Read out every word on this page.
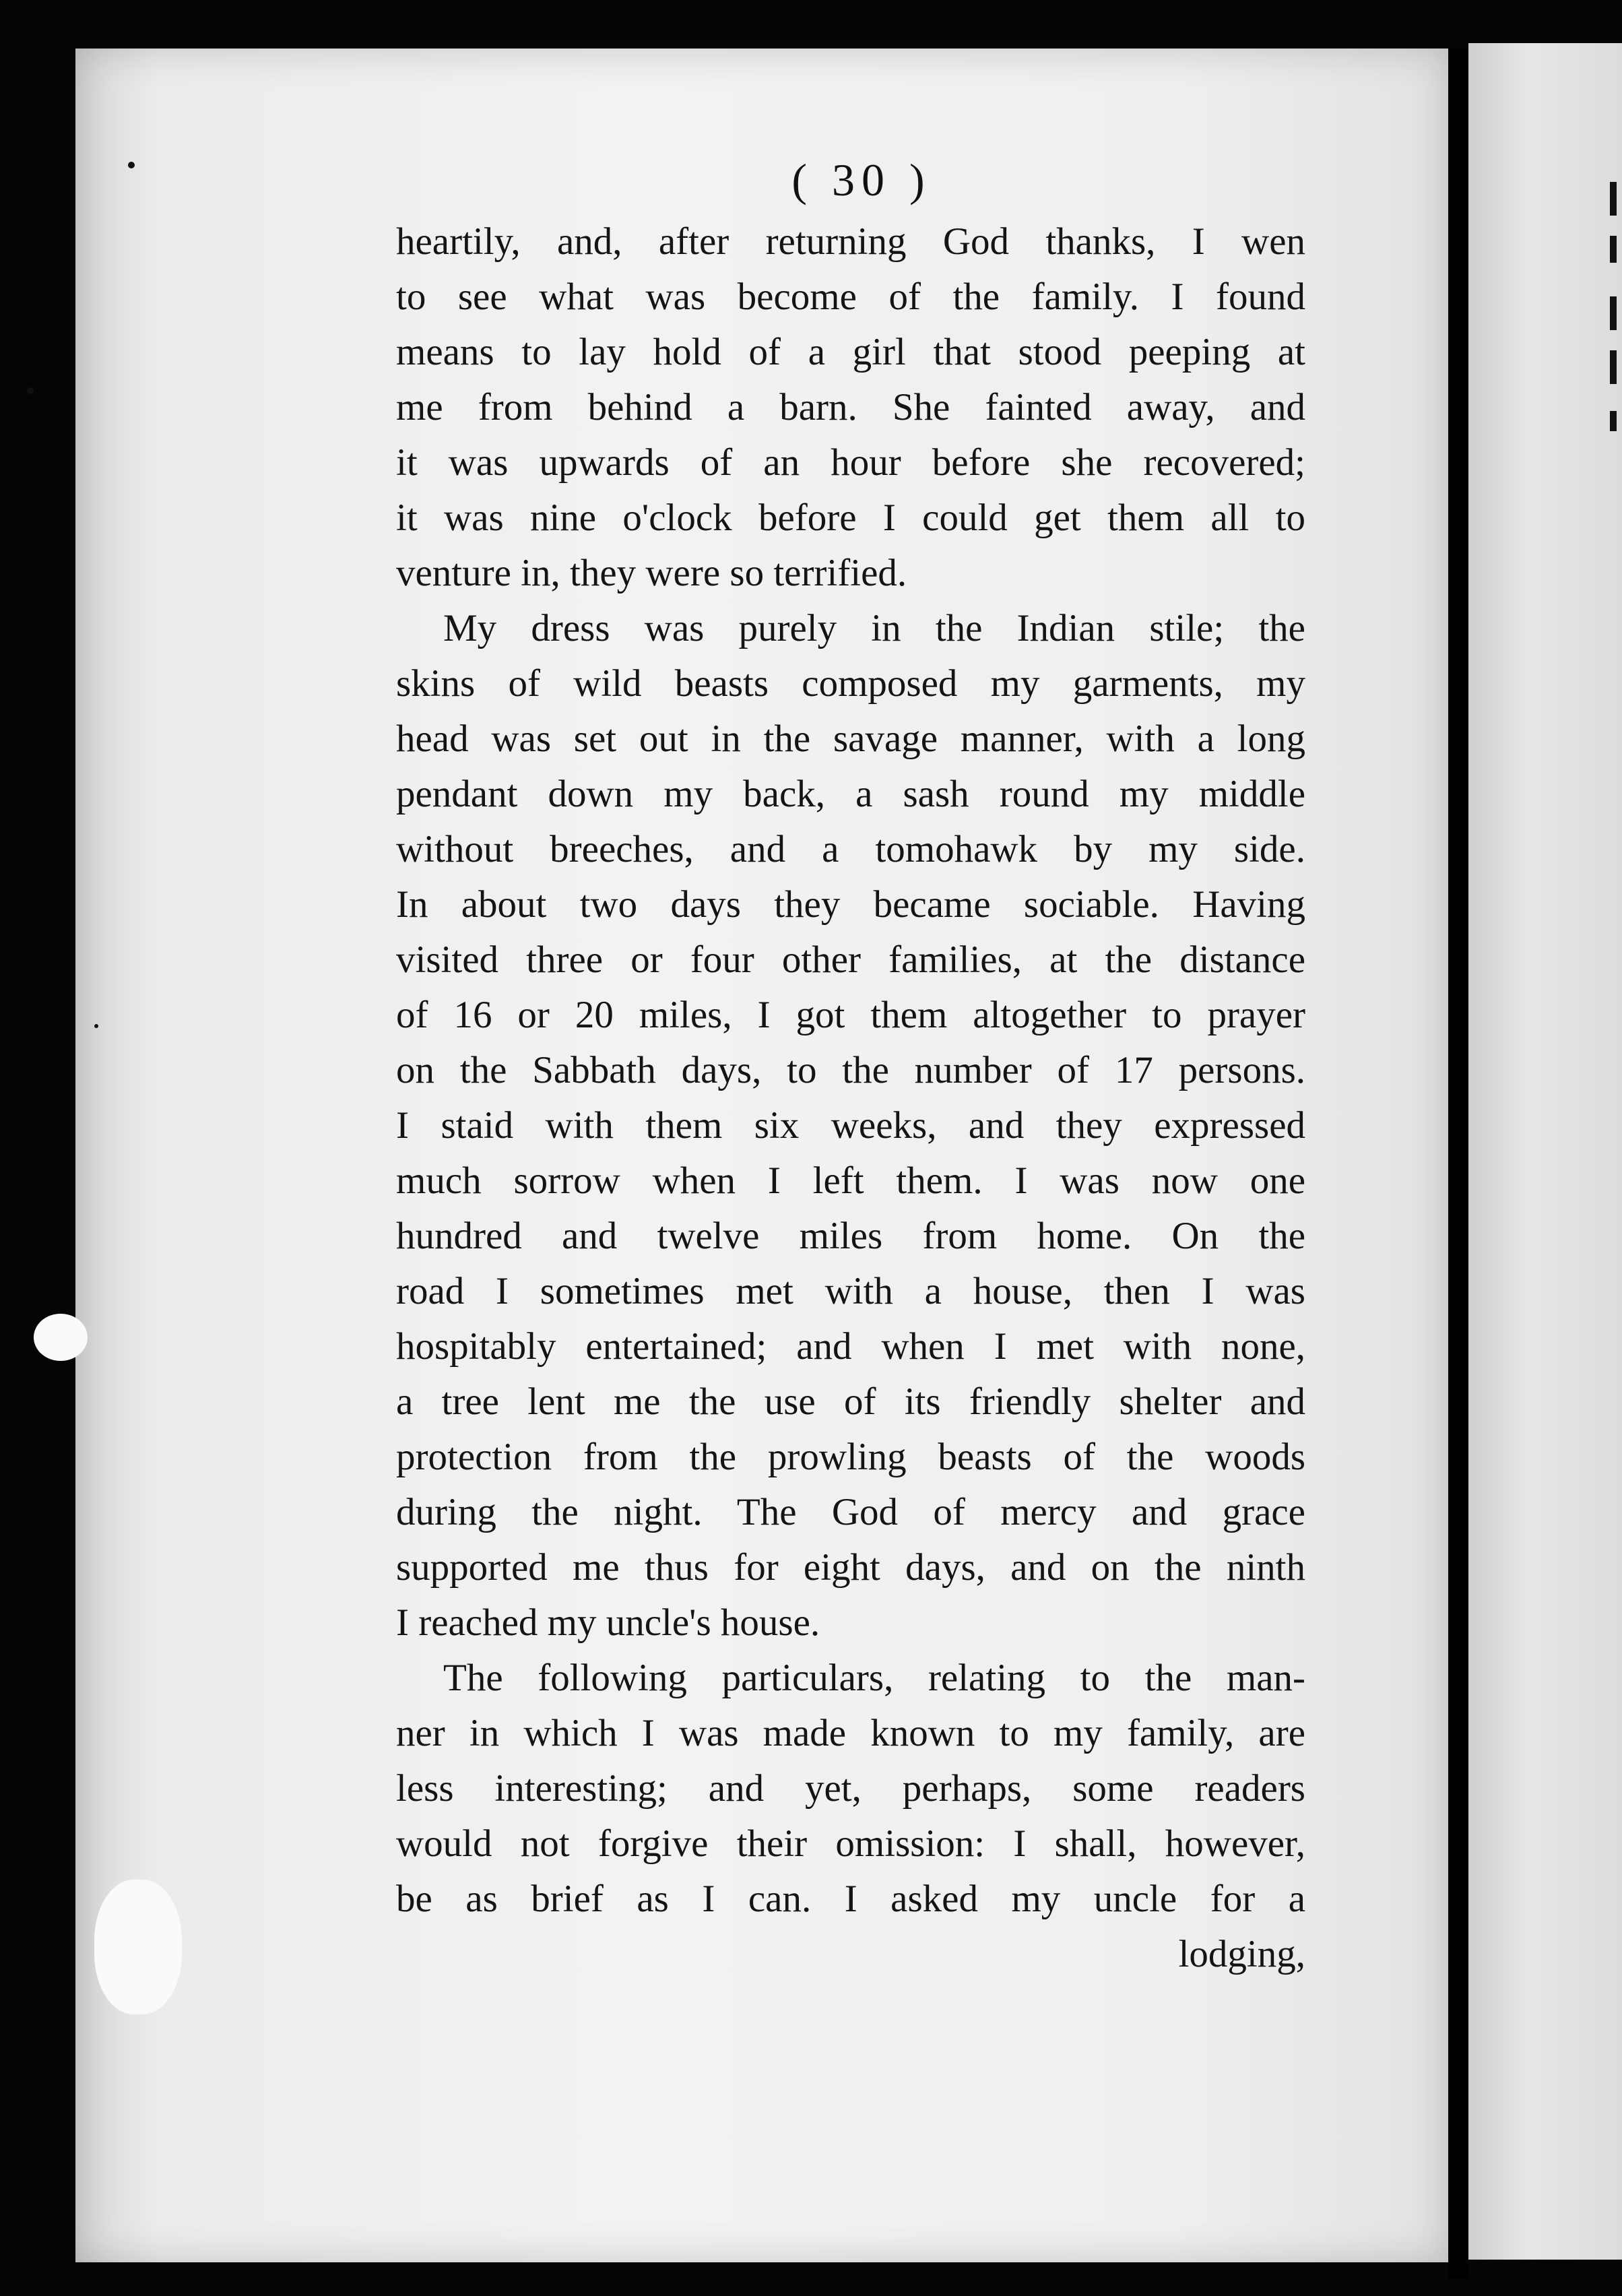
( 30 )
heartily, and, after returning God thanks, I wen
to see what was become of the family. I found
means to lay hold of a girl that stood peeping at
me from behind a barn. She fainted away, and
it was upwards of an hour before she recovered;
it was nine o'clock before I could get them all to
venture in, they were so terrified.
My dress was purely in the Indian stile; the
skins of wild beasts composed my garments, my
head was set out in the savage manner, with a long
pendant down my back, a sash round my middle
without breeches, and a tomohawk by my side.
In about two days they became sociable. Having
visited three or four other families, at the distance
of 16 or 20 miles, I got them altogether to prayer
on the Sabbath days, to the number of 17 persons.
I staid with them six weeks, and they expressed
much sorrow when I left them. I was now one
hundred and twelve miles from home. On the
road I sometimes met with a house, then I was
hospitably entertained; and when I met with none,
a tree lent me the use of its friendly shelter and
protection from the prowling beasts of the woods
during the night. The God of mercy and grace
supported me thus for eight days, and on the ninth
I reached my uncle's house.
The following particulars, relating to the man-
ner in which I was made known to my family, are
less interesting; and yet, perhaps, some readers
would not forgive their omission: I shall, however,
be as brief as I can. I asked my uncle for a
lodging,
